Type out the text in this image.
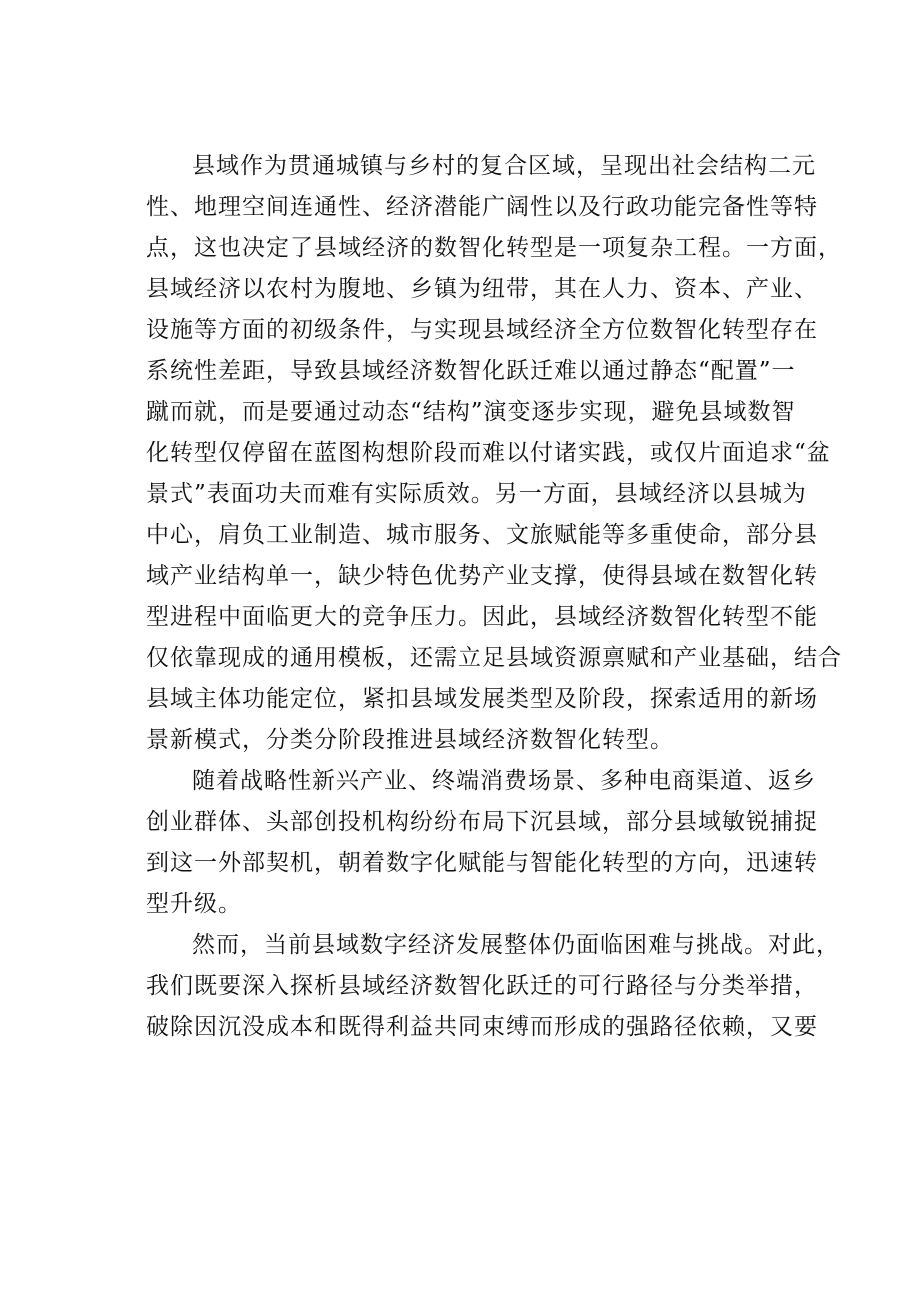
县域作为贯通城镇与乡村的复合区域，呈现出社会结构二元
性、地理空间连通性、经济潜能广阔性以及行政功能完备性等特
点，这也决定了县域经济的数智化转型是一项复杂工程。一方面，
县域经济以农村为腹地、乡镇为纽带，其在人力、资本、产业、
设施等方面的初级条件，与实现县域经济全方位数智化转型存在
系统性差距，导致县域经济数智化跃迁难以通过静态“配置”一
蹴而就，而是要通过动态“结构”演变逐步实现，避免县域数智
化转型仅停留在蓝图构想阶段而难以付诸实践，或仅片面追求“盆
景式”表面功夫而难有实际质效。另一方面，县域经济以县城为
中心，肩负工业制造、城市服务、文旅赋能等多重使命，部分县
域产业结构单一，缺少特色优势产业支撑，使得县域在数智化转
型进程中面临更大的竞争压力。因此，县域经济数智化转型不能
仅依靠现成的通用模板，还需立足县域资源禀赋和产业基础，结合
县域主体功能定位，紧扣县域发展类型及阶段，探索适用的新场
景新模式，分类分阶段推进县域经济数智化转型。

随着战略性新兴产业、终端消费场景、多种电商渠道、返乡
创业群体、头部创投机构纷纷布局下沉县域，部分县域敏锐捕捉
到这一外部契机，朝着数字化赋能与智能化转型的方向，迅速转
型升级。

然而，当前县域数字经济发展整体仍面临困难与挑战。对此，
我们既要深入探析县域经济数智化跃迁的可行路径与分类举措，
破除因沉没成本和既得利益共同束缚而形成的强路径依赖，又要
